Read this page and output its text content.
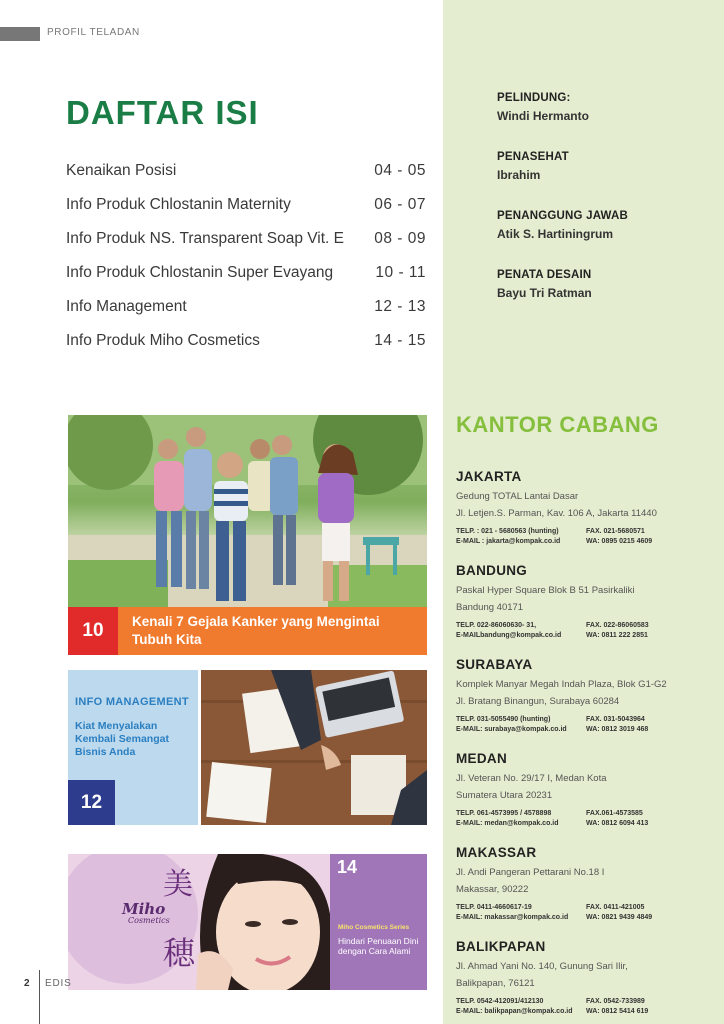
PROFIL TELADAN
DAFTAR ISI
Kenaikan Posisi	04 - 05
Info Produk Chlostanin Maternity	06 - 07
Info Produk NS. Transparent Soap Vit. E 08 - 09
Info Produk Chlostanin Super Evayang	10 - 11
Info Management	12 - 13
Info Produk Miho Cosmetics	14 - 15
PELINDUNG:
Windi Hermanto
PENASEHAT
Ibrahim
PENANGGUNG JAWAB
Atik S. Hartiningrum
PENATA DESAIN
Bayu Tri Ratman
KANTOR CABANG
JAKARTA
Gedung TOTAL Lantai Dasar
Jl. Letjen.S. Parman, Kav. 106 A, Jakarta 11440
TELP. : 021 - 5680563 (hunting)	FAX. 021-5680571
E-MAIL : jakarta@kompak.co.id	WA: 0895 0215 4609
BANDUNG
Paskal Hyper Square Blok B 51 Pasirkaliki
Bandung 40171
TELP. 022-86060630- 31,	FAX. 022-86060583
E-MAILbandung@kompak.co.id	WA: 0811 222 2851
SURABAYA
Komplek Manyar Megah Indah Plaza, Blok G1-G2
Jl. Bratang Binangun, Surabaya 60284
TELP. 031-5055490 (hunting)	FAX. 031-5043964
E-MAIL: surabaya@kompak.co.id	WA: 0812 3019 468
MEDAN
Jl. Veteran No. 29/17 I, Medan Kota
Sumatera Utara 20231
TELP. 061-4573995 / 4578898	FAX.061-4573585
E-MAIL: medan@kompak.co.id	WA: 0812 6094 413
MAKASSAR
Jl. Andi Pangeran Pettarani No.18 I
Makassar, 90222
TELP. 0411-4660617-19	FAX. 0411-421005
E-MAIL: makassar@kompak.co.id	WA: 0821 9439 4849
BALIKPAPAN
Jl. Ahmad Yani No. 140, Gunung Sari Ilir,
Balikpapan, 76121
TELP. 0542-412091/412130	FAX. 0542-733989
E-MAIL: balikpapan@kompak.co.id WA: 0812 5414 619
10	Kenali 7 Gejala Kanker yang Mengintai Tubuh Kita
INFO MANAGEMENT
Kiat Menyalakan Kembali Semangat Bisnis Anda
12
美
穂
Miho
Cosmetics
14
Miho Cosmetics Series
Hindari Penuaan Dini dengan Cara Alami
2 EDIS
